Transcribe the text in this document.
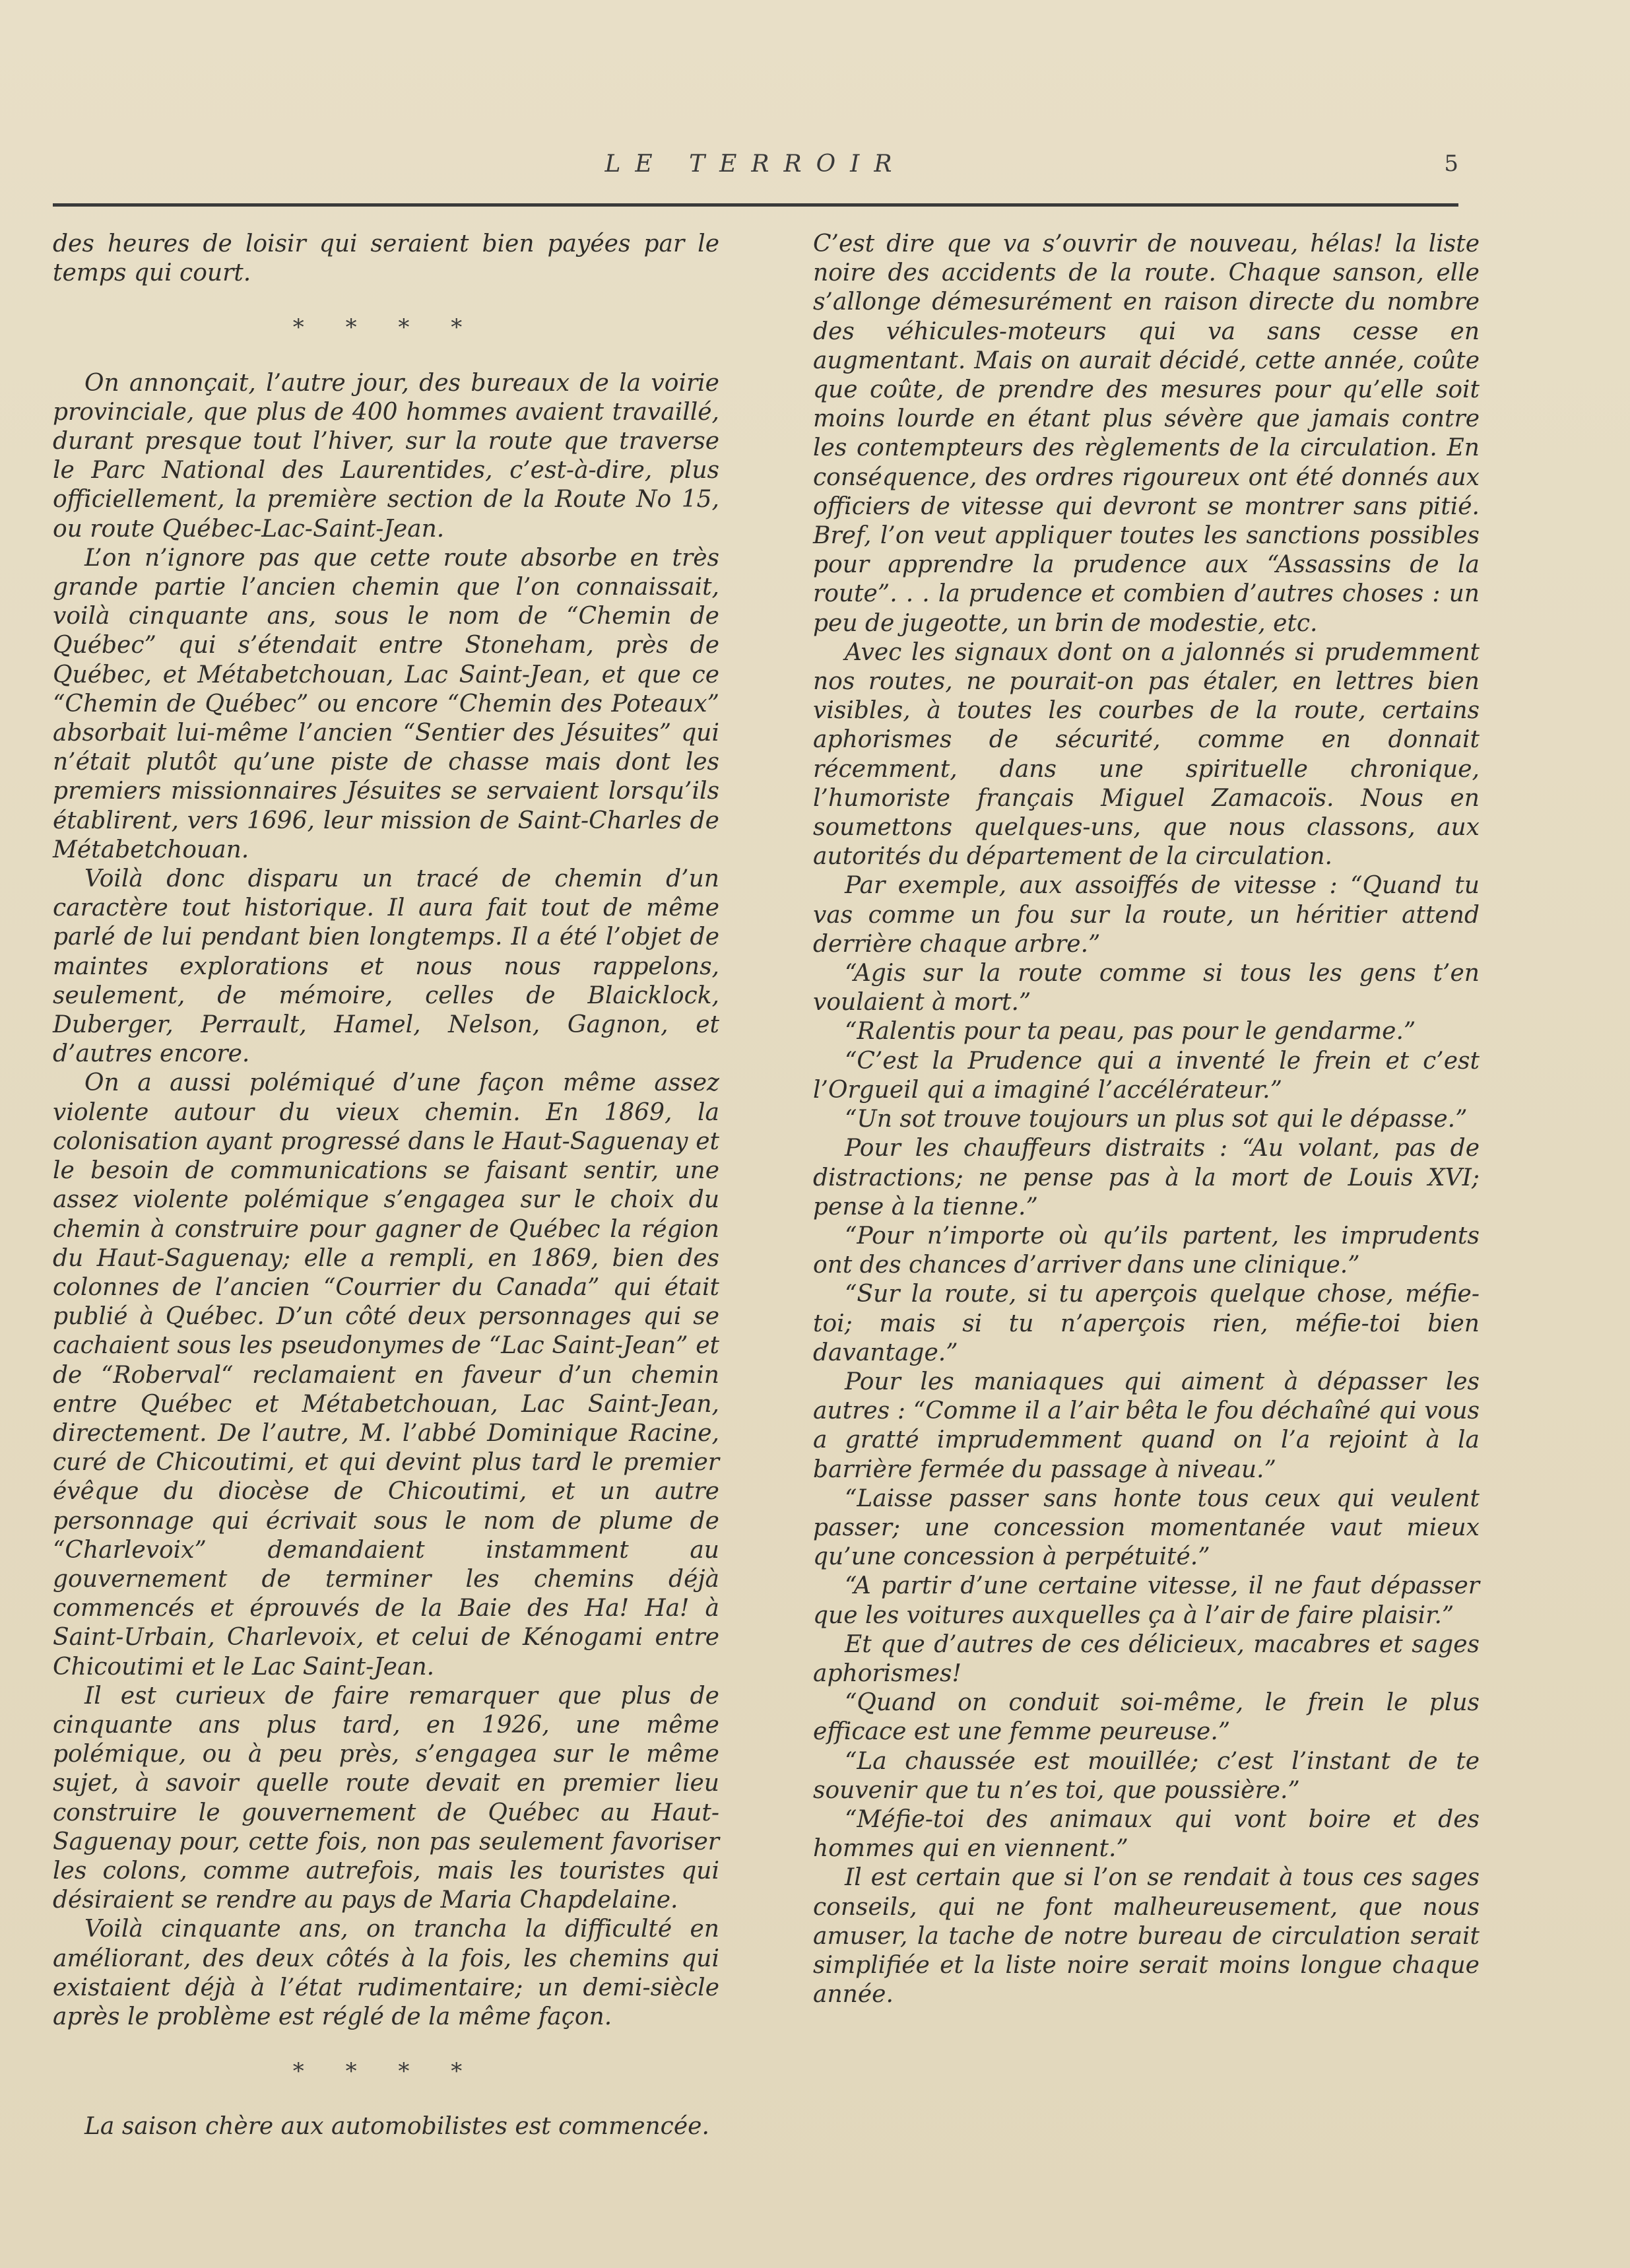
LE TERROIR	5

des heures de loisir qui seraient bien payées par le temps qui court.

* * * *

On annonçait, l’autre jour, des bureaux de la voirie provinciale, que plus de 400 hommes avaient travaillé, durant presque tout l’hiver, sur la route que traverse le Parc National des Laurentides, c’est-à-dire, plus officiellement, la première section de la Route No 15, ou route Québec-Lac-Saint-Jean.

L’on n’ignore pas que cette route absorbe en très grande partie l’ancien chemin que l’on connaissait, voilà cinquante ans, sous le nom de “Chemin de Québec” qui s’étendait entre Stoneham, près de Québec, et Métabetchouan, Lac Saint-Jean, et que ce “Chemin de Québec” ou encore “Chemin des Poteaux” absorbait lui-même l’ancien “Sentier des Jésuites” qui n’était plutôt qu’une piste de chasse mais dont les premiers missionnaires Jésuites se servaient lorsqu’ils établirent, vers 1696, leur mission de Saint-Charles de Métabetchouan.

Voilà donc disparu un tracé de chemin d’un caractère tout historique. Il aura fait tout de même parlé de lui pendant bien longtemps. Il a été l’objet de maintes explorations et nous nous rappelons, seulement, de mémoire, celles de Blaicklock, Duberger, Perrault, Hamel, Nelson, Gagnon, et d’autres encore.

On a aussi polémiqué d’une façon même assez violente autour du vieux chemin. En 1869, la colonisation ayant progressé dans le Haut-Saguenay et le besoin de communications se faisant sentir, une assez violente polémique s’engagea sur le choix du chemin à construire pour gagner de Québec la région du Haut-Saguenay; elle a rempli, en 1869, bien des colonnes de l’ancien “Courrier du Canada” qui était publié à Québec. D’un côté deux personnages qui se cachaient sous les pseudonymes de “Lac Saint-Jean” et de “Roberval“ reclamaient en faveur d’un chemin entre Québec et Métabetchouan, Lac Saint-Jean, directement. De l’autre, M. l’abbé Dominique Racine, curé de Chicoutimi, et qui devint plus tard le premier évêque du diocèse de Chicoutimi, et un autre personnage qui écrivait sous le nom de plume de “Charlevoix” demandaient instamment au gouvernement de terminer les chemins déjà commencés et éprouvés de la Baie des Ha! Ha! à Saint-Urbain, Charlevoix, et celui de Kénogami entre Chicoutimi et le Lac Saint-Jean.

Il est curieux de faire remarquer que plus de cinquante ans plus tard, en 1926, une même polémique, ou à peu près, s’engagea sur le même sujet, à savoir quelle route devait en premier lieu construire le gouvernement de Québec au Haut-Saguenay pour, cette fois, non pas seulement favoriser les colons, comme autrefois, mais les touristes qui désiraient se rendre au pays de Maria Chapdelaine.

Voilà cinquante ans, on trancha la difficulté en améliorant, des deux côtés à la fois, les chemins qui existaient déjà à l’état rudimentaire; un demi-siècle après le problème est réglé de la même façon.

* * * *

La saison chère aux automobilistes est commencée.

C’est dire que va s’ouvrir de nouveau, hélas! la liste noire des accidents de la route. Chaque sanson, elle s’allonge démesurément en raison directe du nombre des véhicules-moteurs qui va sans cesse en augmentant. Mais on aurait décidé, cette année, coûte que coûte, de prendre des mesures pour qu’elle soit moins lourde en étant plus sévère que jamais contre les contempteurs des règlements de la circulation. En conséquence, des ordres rigoureux ont été donnés aux officiers de vitesse qui devront se montrer sans pitié. Bref, l’on veut appliquer toutes les sanctions possibles pour apprendre la prudence aux “Assassins de la route”. . . la prudence et combien d’autres choses : un peu de jugeotte, un brin de modestie, etc.

Avec les signaux dont on a jalonnés si prudemment nos routes, ne pourait-on pas étaler, en lettres bien visibles, à toutes les courbes de la route, certains aphorismes de sécurité, comme en donnait récemment, dans une spirituelle chronique, l’humoriste français Miguel Zamacoïs. Nous en soumettons quelques-uns, que nous classons, aux autorités du département de la circulation.

Par exemple, aux assoiffés de vitesse : “Quand tu vas comme un fou sur la route, un héritier attend derrière chaque arbre.”

“Agis sur la route comme si tous les gens t’en voulaient à mort.”

“Ralentis pour ta peau, pas pour le gendarme.”

“C’est la Prudence qui a inventé le frein et c’est l’Orgueil qui a imaginé l’accélérateur.”

“Un sot trouve toujours un plus sot qui le dépasse.”

Pour les chauffeurs distraits : “Au volant, pas de distractions; ne pense pas à la mort de Louis XVI; pense à la tienne.”

“Pour n’importe où qu’ils partent, les imprudents ont des chances d’arriver dans une clinique.”

“Sur la route, si tu aperçois quelque chose, méfie-toi; mais si tu n’aperçois rien, méfie-toi bien davantage.”

Pour les maniaques qui aiment à dépasser les autres : “Comme il a l’air bêta le fou déchaîné qui vous a gratté imprudemment quand on l’a rejoint à la barrière fermée du passage à niveau.”

“Laisse passer sans honte tous ceux qui veulent passer; une concession momentanée vaut mieux qu’une concession à perpétuité.”

“A partir d’une certaine vitesse, il ne faut dépasser que les voitures auxquelles ça à l’air de faire plaisir.”

Et que d’autres de ces délicieux, macabres et sages aphorismes!

“Quand on conduit soi-même, le frein le plus efficace est une femme peureuse.”

“La chaussée est mouillée; c’est l’instant de te souvenir que tu n’es toi, que poussière.”

“Méfie-toi des animaux qui vont boire et des hommes qui en viennent.”

Il est certain que si l’on se rendait à tous ces sages conseils, qui ne font malheureusement, que nous amuser, la tache de notre bureau de circulation serait simplifiée et la liste noire serait moins longue chaque année.
